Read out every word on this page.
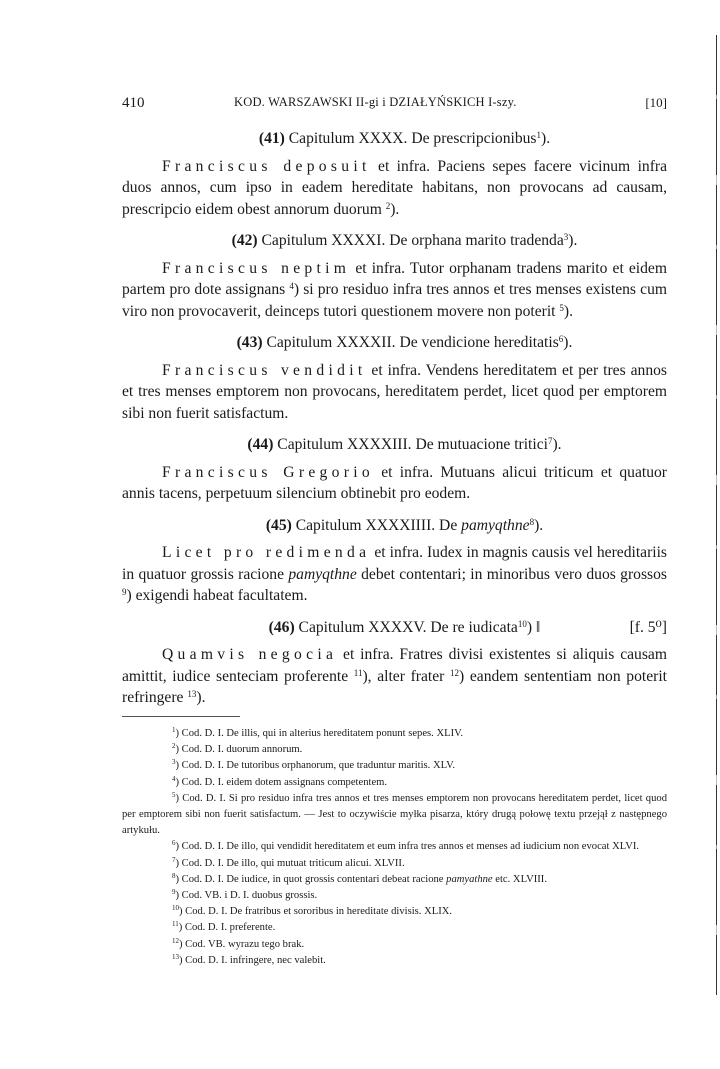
410	KOD. WARSZAWSKI II-gi i DZIAŁYŃSKICH I-szy.	[10]

(41) Capitulum XXXX. De prescripcionibus$^1$).

Franciscus deposuit et infra. Paciens sepes facere vicinum infra duos annos, cum ipso in eadem hereditate habitans, non provocans ad causam, prescripcio eidem obest annorum duorum $^2$).

(42) Capitulum XXXXI. De orphana marito tradenda$^3$).

Franciscus neptim et infra. Tutor orphanam tradens marito et eidem partem pro dote assignans $^4$) si pro residuo infra tres annos et tres menses existens cum viro non provocaverit, deinceps tutori questionem movere non poterit $^5$).

(43) Capitulum XXXXII. De vendicione hereditatis$^6$).

Franciscus vendidit et infra. Vendens hereditatem et per tres annos et tres menses emptorem non provocans, hereditatem perdet, licet quod per emptorem sibi non fuerit satisfactum.

(44) Capitulum XXXXIII. De mutuacione tritici$^7$).

Franciscus Gregorio et infra. Mutuans alicui triticum et quatuor annis tacens, perpetuum silencium obtinebit pro eodem.

(45) Capitulum XXXXIIII. De pamyqthne$^8$).

Licet pro redimenda et infra. Iudex in magnis causis vel hereditariis in quatuor grossis racione pamyqthne debet contentari; in minoribus vero duos grossos $^9$) exigendi habeat facultatem.

(46) Capitulum XXXXV. De re iudicata$^{10}$) ‖	[f. 5⁰]

Quamvis negocia et infra. Fratres divisi existentes si aliquis causam amittit, iudice senteciam proferente $^{11}$), alter frater $^{12}$) eandem sententiam non poterit refringere $^{13}$).

$^1$) Cod. D. I. De illis, qui in alterius hereditatem ponunt sepes. XLIV.

$^2$) Cod. D. I. duorum annorum.

$^3$) Cod. D. I. De tutoribus orphanorum, que traduntur maritis. XLV.

$^4$) Cod. D. I. eidem dotem assignans competentem.

$^5$) Cod. D. I. Si pro residuo infra tres annos et tres menses emptorem non provocans hereditatem perdet, licet quod per emptorem sibi non fuerit satisfactum. — Jest to oczywiście myłka pisarza, który drugą połowę textu przejął z następnego artykułu.

$^6$) Cod. D. I. De illo, qui vendidit hereditatem et eum infra tres annos et menses ad iudicium non evocat XLVI.

$^7$) Cod. D. I. De illo, qui mutuat triticum alicui. XLVII.

$^8$) Cod. D. I. De iudice, in quot grossis contentari debeat racione pamyathne etc. XLVIII.

$^9$) Cod. VB. i D. I. duobus grossis.

$^{10}$) Cod. D. I. De fratribus et sororibus in hereditate divisis. XLIX.

$^{11}$) Cod. D. I. preferente.

$^{12}$) Cod. VB. wyrazu tego brak.

$^{13}$) Cod. D. I. infringere, nec valebit.
